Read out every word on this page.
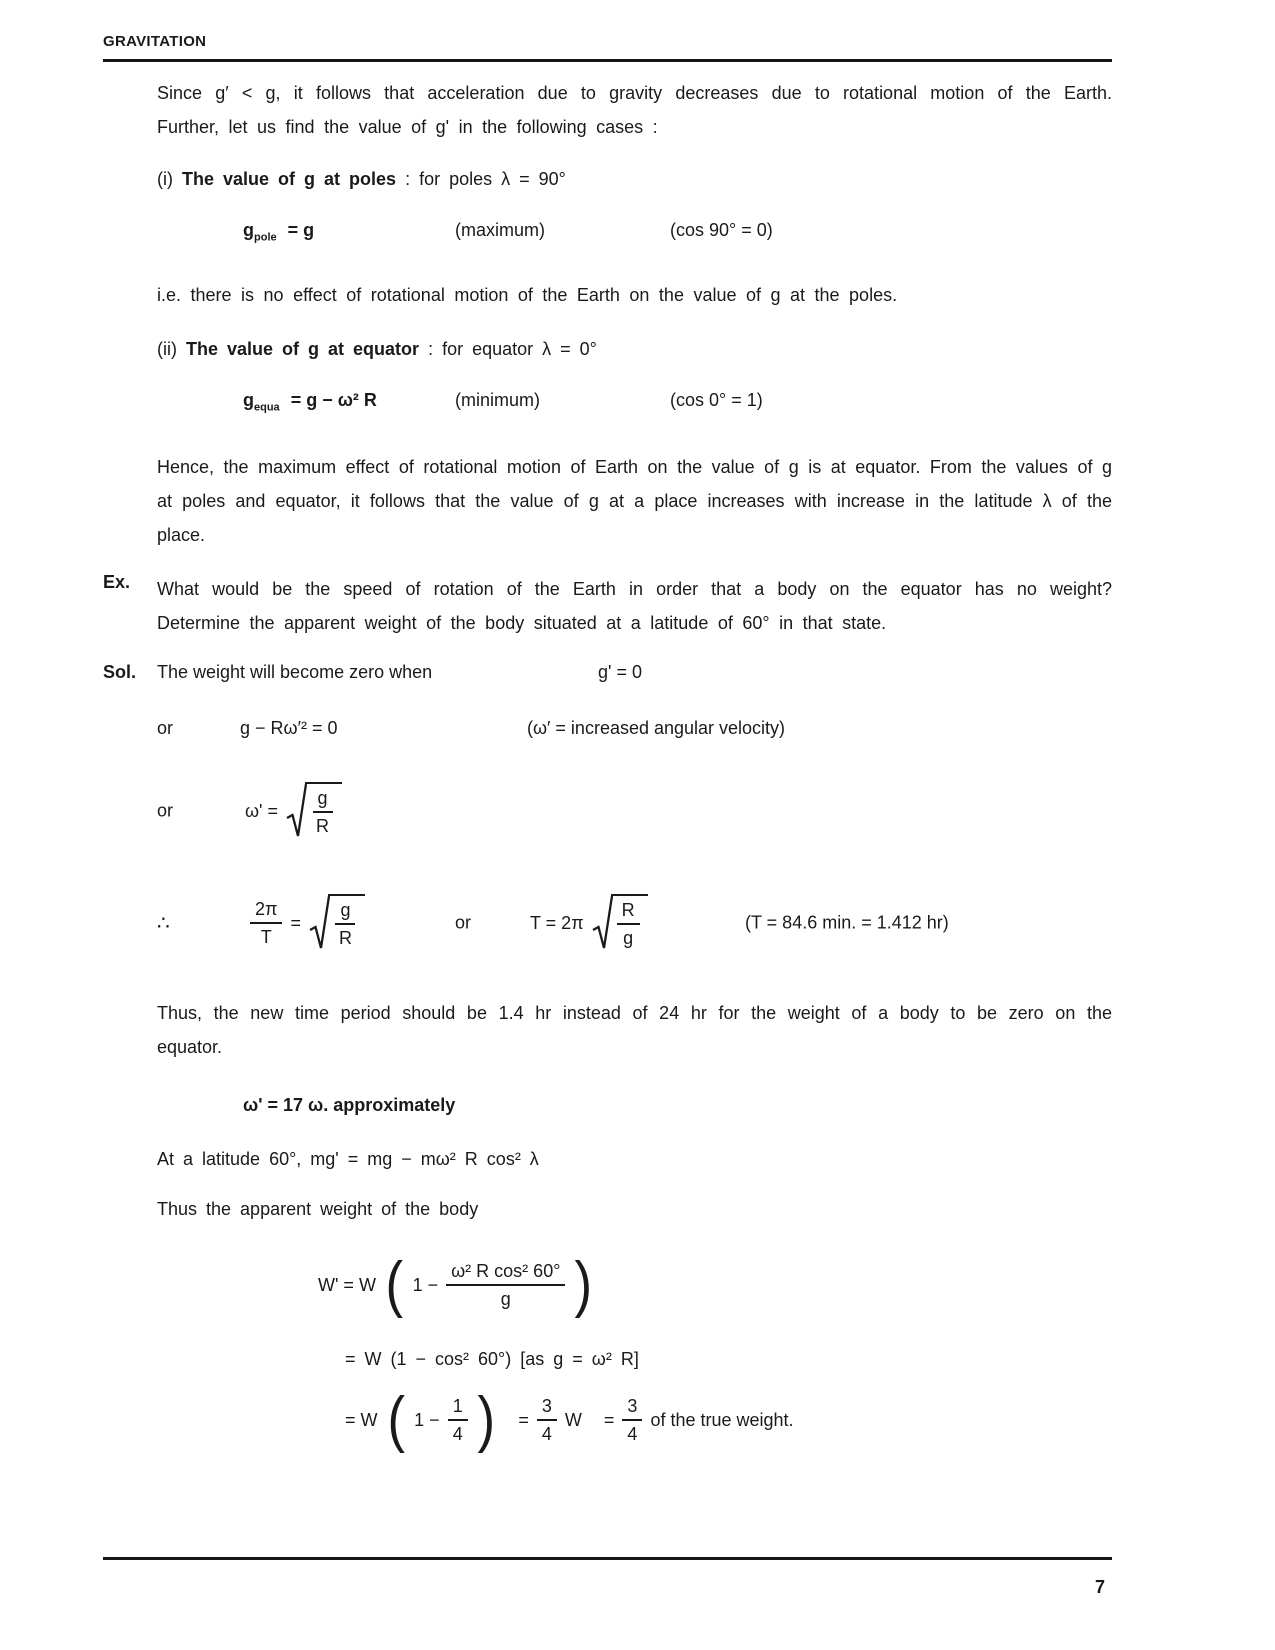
GRAVITATION

Since g′ < g, it follows that acceleration due to gravity decreases due to rotational motion of the Earth. Further, let us find the value of g' in the following cases :

(i) The value of g at poles : for poles λ = 90°

$g_{pole} = g$	(maximum)	(cos 90° = 0)

i.e. there is no effect of rotational motion of the Earth on the value of g at the poles.

(ii) The value of g at equator : for equator λ = 0°

$g_{equa} = g - \omega^2$ R	(minimum)	(cos 0° = 1)

Hence, the maximum effect of rotational motion of Earth on the value of g is at equator. From the values of g at poles and equator, it follows that the value of g at a place increases with increase in the latitude λ of the place.

Ex.	What would be the speed of rotation of the Earth in order that a body on the equator has no weight? Determine the apparent weight of the body situated at a latitude of 60° in that state.

Sol. The weight will become zero when	g' = 0
or	g − Rω′² = 0	(ω′ = increased angular velocity)
or	$\omega' = \frac{g}{R}$
∴	$\frac{2\pi}{T} = \frac{g}{R}$	or	$T = 2\pi \frac{R}{g}$	(T = 84.6 min. = 1.412 hr)

Thus, the new time period should be 1.4 hr instead of 24 hr for the weight of a body to be zero on the equator.

ω' = 17 ω. approximately
At a latitude 60°, mg' = mg − mω² R cos² λ
Thus the apparent weight of the body
W' = W ( $1 - \frac{\text{ω² R cos² 60°}}{g}$ )
= W (1 − cos² 60°) [as g = ω² R]
= W ( $1 - \frac{1}{4}$ ) = $\frac{3}{4}$ $W = \frac{3}{4}$ of the true weight.
7
